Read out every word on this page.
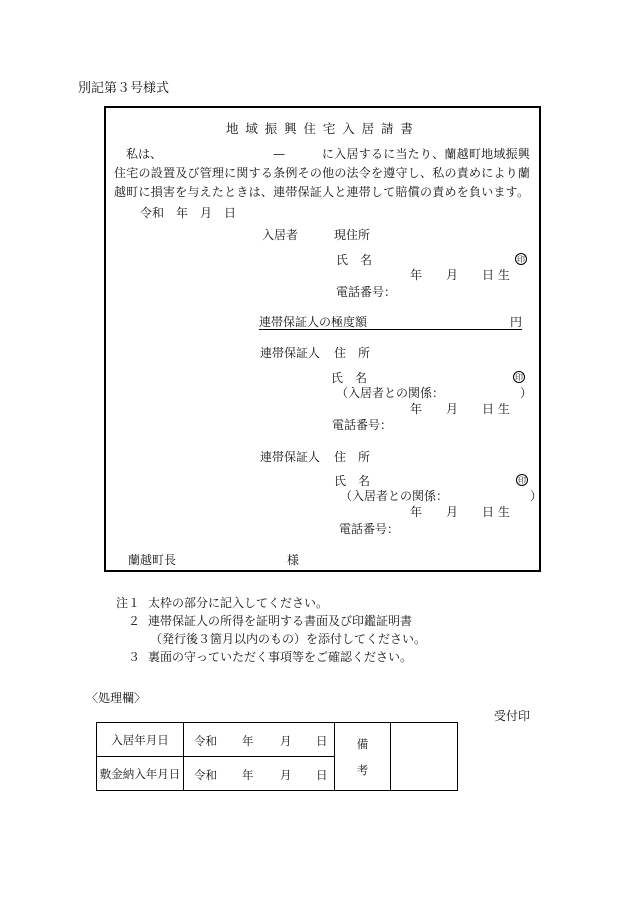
別記第３号様式
地域振興住宅入居請書
私は、	—	に入居するに当たり、蘭越町地域振興
住宅の設置及び管理に関する条例その他の法令を遵守し、私の責めにより蘭
越町に損害を与えたときは、連帯保証人と連帯して賠償の責めを負います。
令和　年　月　日
入居者	現住所
氏　名	印
年　　月　　日 生
電話番号：
連帯保証人の極度額	円
連帯保証人 住　所
氏　名	印
（入居者との関係：	）
年　　月　　日 生
電話番号：
連帯保証人 住　所
氏　名	印
（入居者との関係：	）
年　　月　　日 生
電話番号：
蘭越町長	様
注１ 太枠の部分に記入してください。
２ 連帯保証人の所得を証明する書面及び印鑑証明書
（発行後３箇月以内のもの）を添付してください。
３ 裏面の守っていただく事項等をご確認ください。
〈処理欄〉
受付印
入居年月日	令和 年 月 日	備
考	

敷金納入年月日	令和 年 月 日		
